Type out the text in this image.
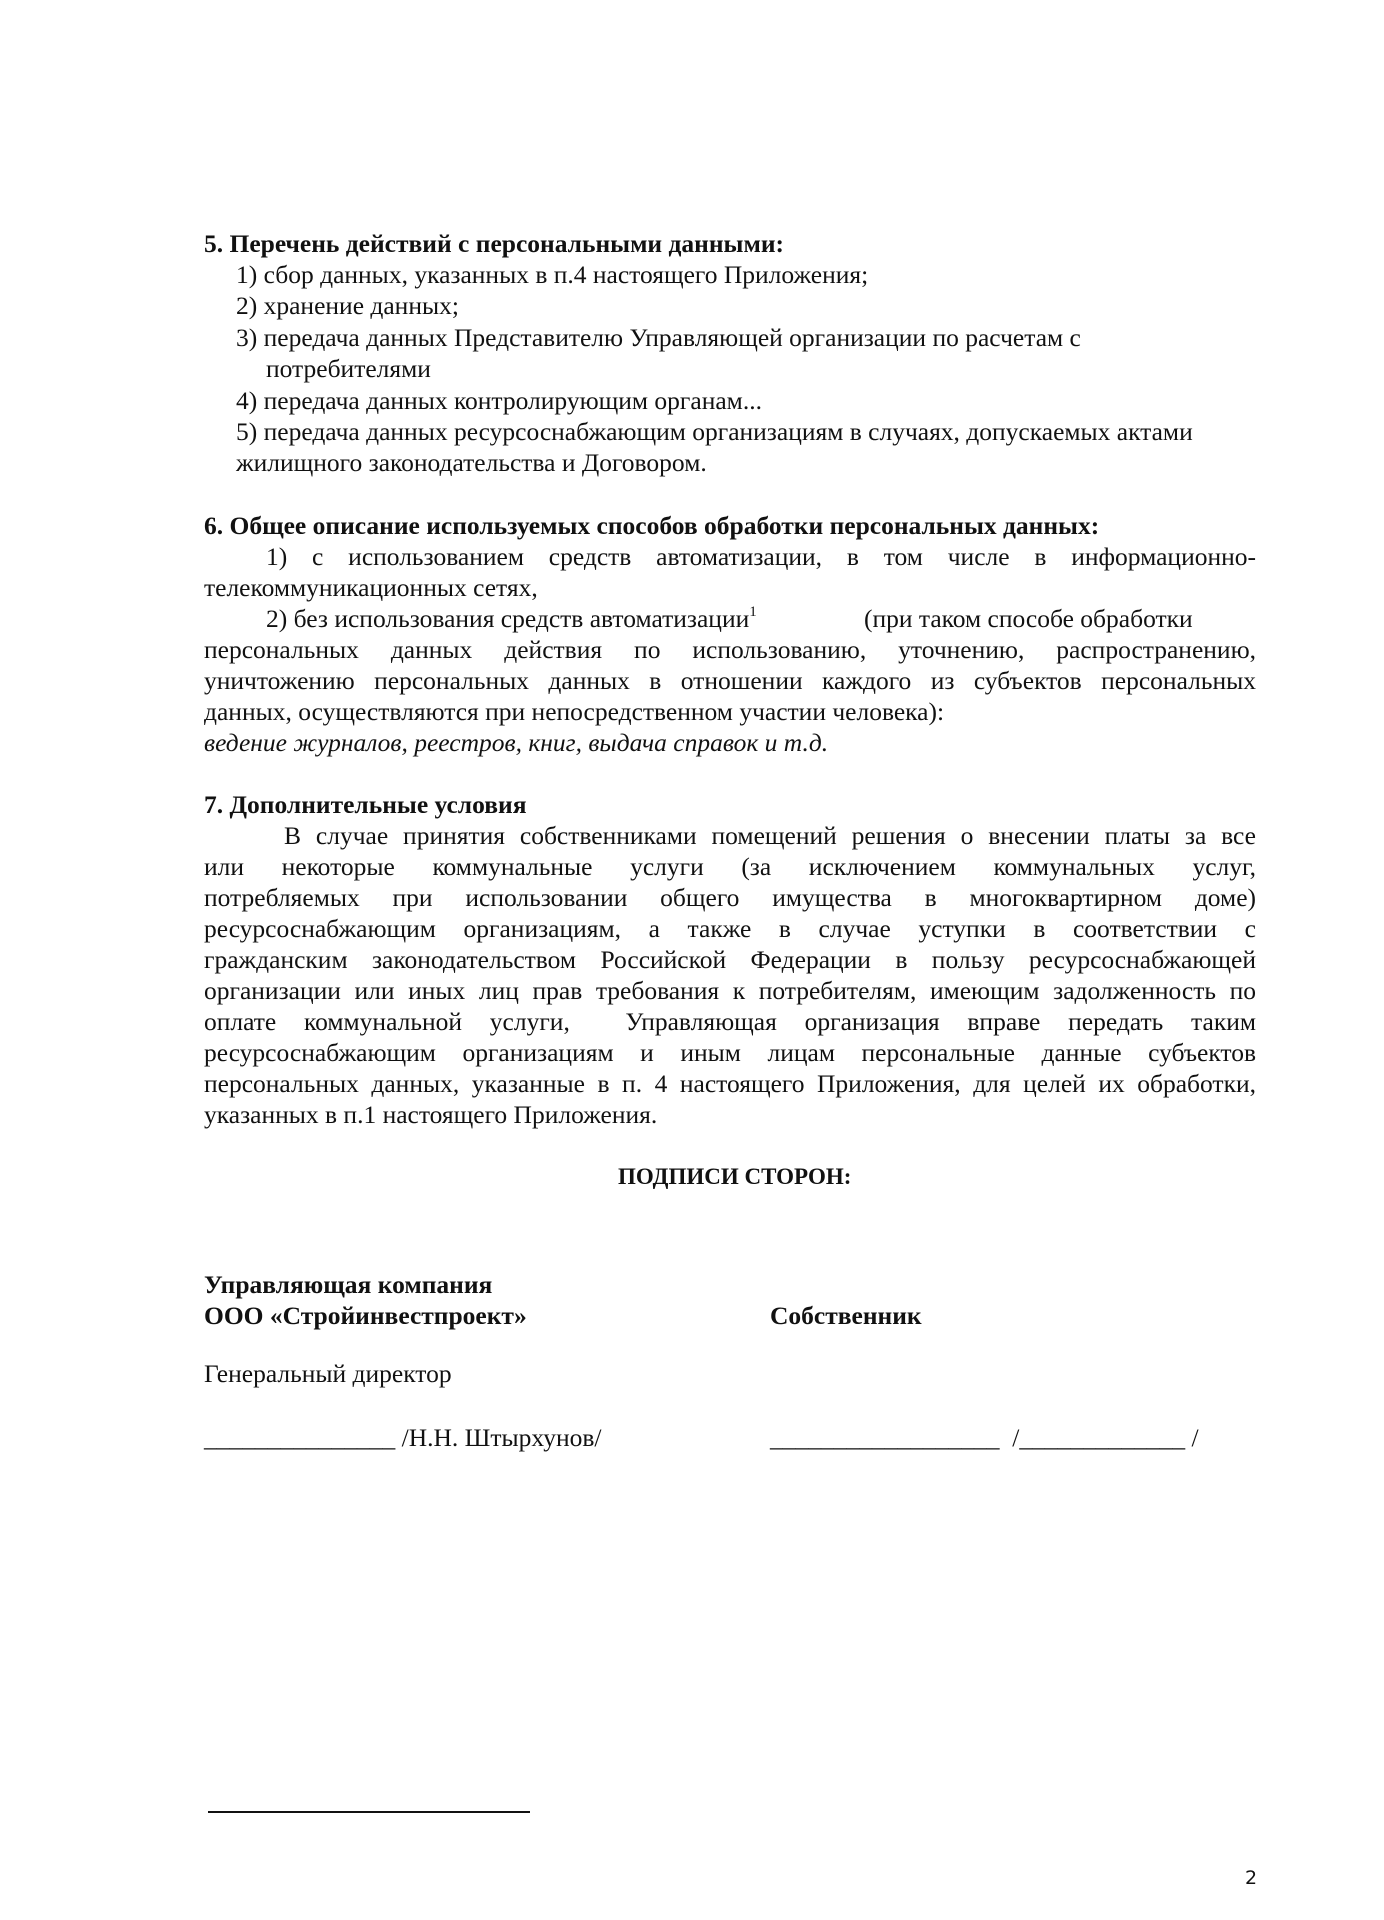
5. Перечень действий с персональными данными:
1) сбор данных, указанных в п.4 настоящего Приложения;
2) хранение данных;
3) передача данных Представителю Управляющей организации по расчетам с
потребителями
4) передача данных контролирующим органам...
5) передача данных ресурсоснабжающим организациям в случаях, допускаемых актами
жилищного законодательства и Договором.
6. Общее описание используемых способов обработки персональных данных:
1) с использованием средств автоматизации, в том числе в информационно-
телекоммуникационных сетях,
2) без использования средств автоматизации$^1$	(при таком способе обработки
персональных данных действия по использованию, уточнению, распространению,
уничтожению персональных данных в отношении каждого из субъектов персональных
данных, осуществляются при непосредственном участии человека):
ведение журналов, реестров, книг, выдача справок и т.д.
7. Дополнительные условия
В случае принятия собственниками помещений решения о внесении платы за все
или некоторые коммунальные услуги (за исключением коммунальных услуг,
потребляемых при использовании общего имущества в многоквартирном доме)
ресурсоснабжающим организациям, а также в случае уступки в соответствии с
гражданским законодательством Российской Федерации в пользу ресурсоснабжающей
организации или иных лиц прав требования к потребителям, имеющим задолженность по
оплате коммунальной услуги,  Управляющая организация вправе передать таким
ресурсоснабжающим организациям и иным лицам персональные данные субъектов
персональных данных, указанные в п. 4 настоящего Приложения, для целей их обработки,
указанных в п.1 настоящего Приложения.
ПОДПИСИ СТОРОН:
Управляющая компания
ООО «Стройинвестпроект»	Собственник
Генеральный директор
_______________ /Н.Н. Штырхунов/	__________________  /_____________ /
2
